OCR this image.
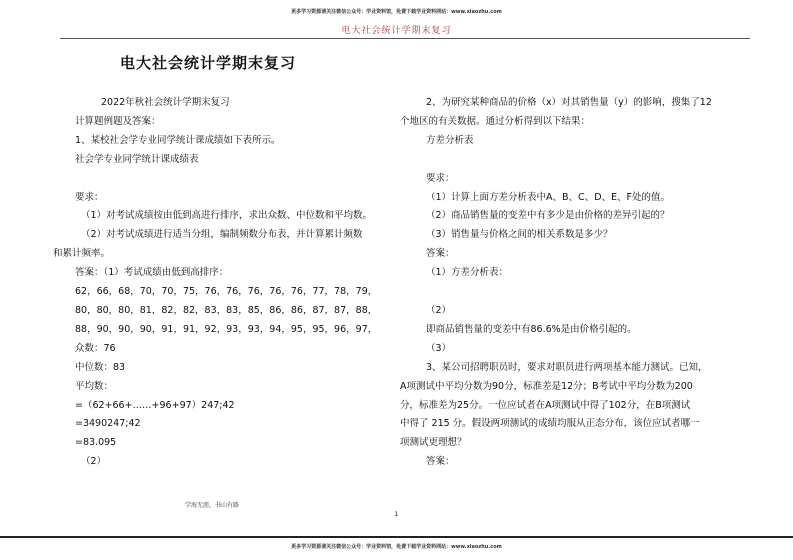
更多学习资源请关注微信公众号：学业资料馆，免费下载学业资料网站：www.xiaozhu.com
电大社会统计学期末复习
电大社会统计学期末复习
2022年秋社会统计学期末复习
计算题例题及答案：
1、某校社会学专业同学统计课成绩如下表所示。
社会学专业同学统计课成绩表

要求：
（1）对考试成绩按由低到高进行排序，求出众数、中位数和平均数。
（2）对考试成绩进行适当分组，编制频数分布表，并计算累计频数
和累计频率。
答案：（1）考试成绩由低到高排序：
62，66，68，70，70，75，76，76，76，76，76，77，78，79，
80，80，80，81，82，82，83，83，85，86，86，87，87，88，
88，90，90，90，91，91，92，93，93，94，95，95，96，97，
众数：76
中位数：83
平均数：
=（62+66+……+96+97）247;42
=3490247;42
=83.095
（2）
2、为研究某种商品的价格（x）对其销售量（y）的影响，搜集了12
个地区的有关数据。通过分析得到以下结果：
方差分析表

要求：
（1）计算上面方差分析表中A、B、C、D、E、F处的值。
（2）商品销售量的变差中有多少是由价格的差异引起的？
（3）销售量与价格之间的相关系数是多少？
答案：
（1）方差分析表：

（2）
即商品销售量的变差中有86.6%是由价格引起的。
（3）
3、某公司招聘职员时，要求对职员进行两项基本能力测试。已知，
A项测试中平均分数为90分，标准差是12分；B考试中平均分数为200
分，标准差为25分。一位应试者在A项测试中得了102分，在B项测试
中得了 215 分。假设两项测试的成绩均服从正态分布，该位应试者哪一
项测试更理想？
答案：
学海无涯，书山有路
1
更多学习资源请关注微信公众号：学业资料馆，免费下载学业资料网站：www.xiaozhu.com
